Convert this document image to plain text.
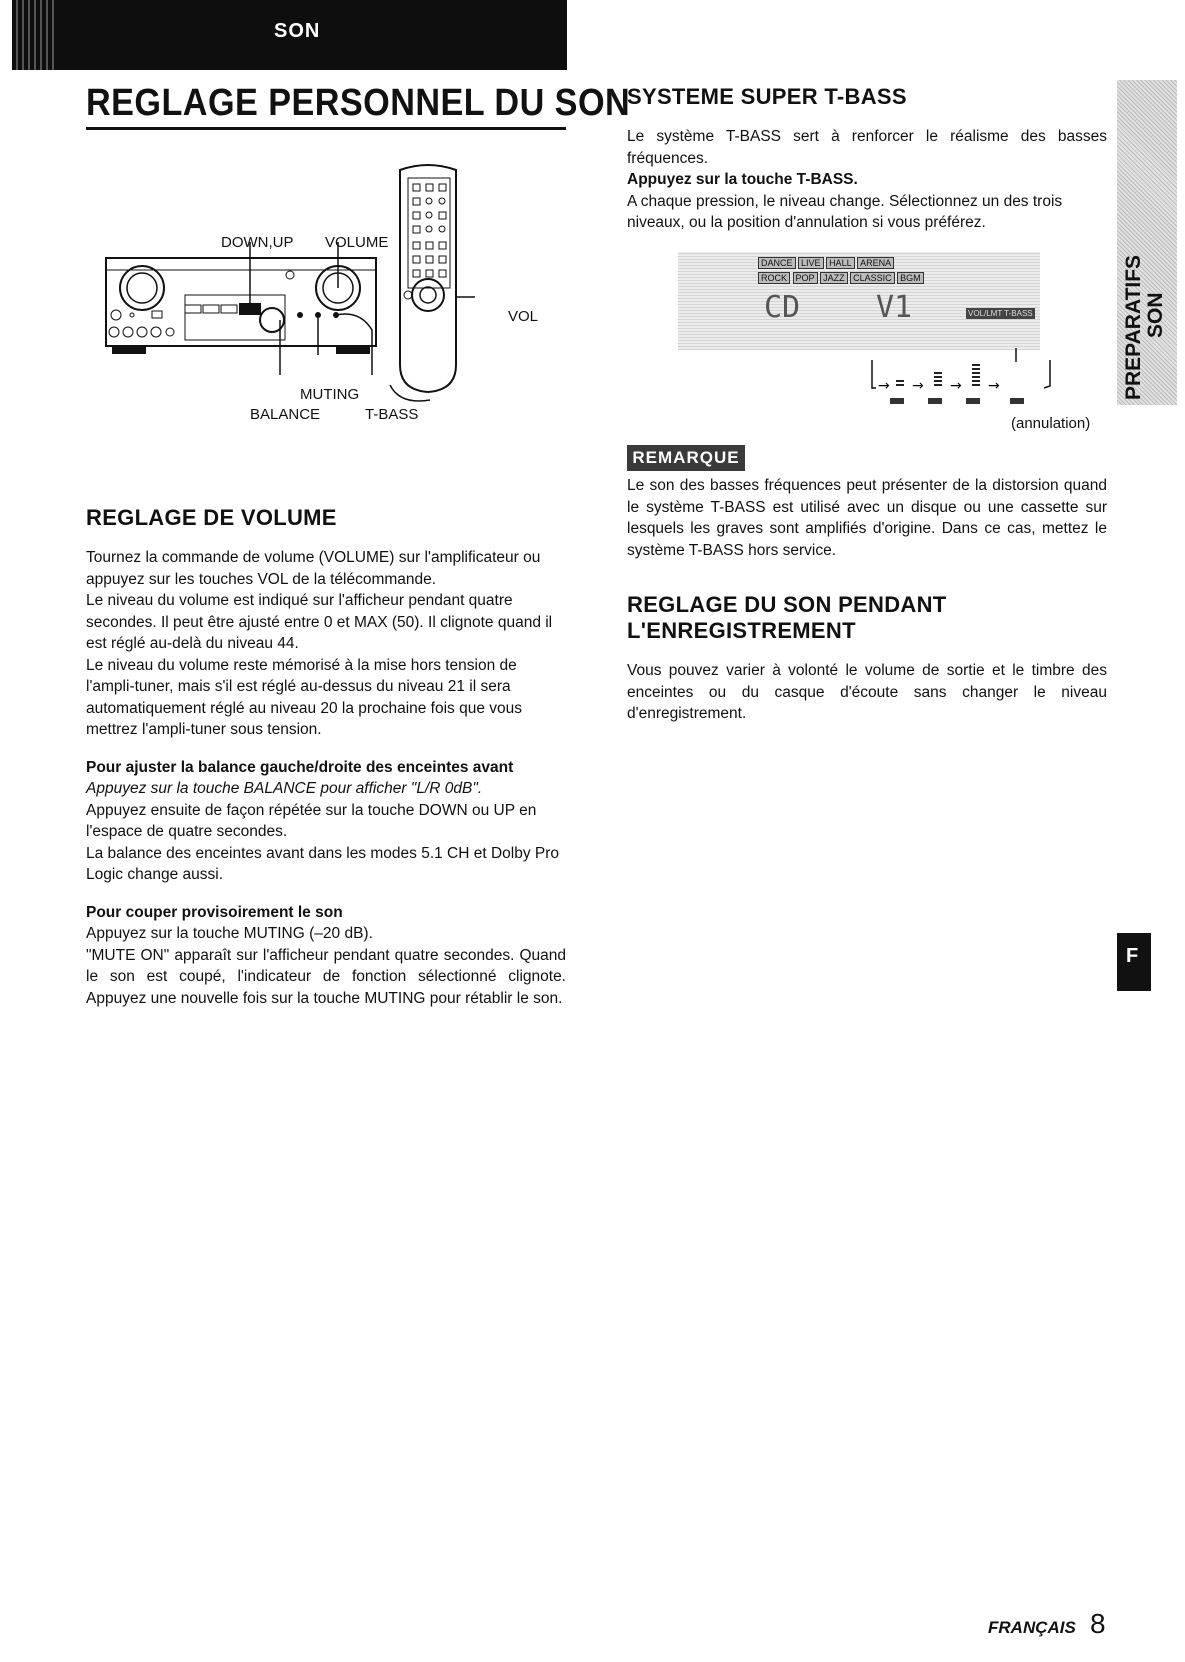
SON
REGLAGE PERSONNEL DU SON
DOWN,UP VOLUME
VOL
MUTING
BALANCE	T-BASS
REGLAGE DE VOLUME

Tournez la commande de volume (VOLUME) sur l'amplificateur ou appuyez sur les touches VOL de la télécommande.

Le niveau du volume est indiqué sur l'afficheur pendant quatre secondes. Il peut être ajusté entre 0 et MAX (50). Il clignote quand il est réglé au-delà du niveau 44.

Le niveau du volume reste mémorisé à la mise hors tension de l'ampli-tuner, mais s'il est réglé au-dessus du niveau 21 il sera automatiquement réglé au niveau 20 la prochaine fois que vous mettrez l'ampli-tuner sous tension.

Pour ajuster la balance gauche/droite des enceintes avant

Appuyez sur la touche BALANCE pour afficher "L/R 0dB".

Appuyez ensuite de façon répétée sur la touche DOWN ou UP en l'espace de quatre secondes.

La balance des enceintes avant dans les modes 5.1 CH et Dolby Pro Logic change aussi.

Pour couper provisoirement le son

Appuyez sur la touche MUTING (–20 dB).

"MUTE ON" apparaît sur l'afficheur pendant quatre secondes. Quand le son est coupé, l'indicateur de fonction sélectionné clignote. Appuyez une nouvelle fois sur la touche MUTING pour rétablir le son.

SYSTEME SUPER T-BASS

Le système T-BASS sert à renforcer le réalisme des basses fréquences.

Appuyez sur la touche T-BASS.

A chaque pression, le niveau change. Sélectionnez un des trois niveaux, ou la position d'annulation si vous préférez.

DANCE LIVE HALL ARENA
ROCK POP JAZZ CLASSIC BGM
CD	V1	VOL/LMT T-BASS
→ → → →
(annulation)
REMARQUE

Le son des basses fréquences peut présenter de la distorsion quand le système T-BASS est utilisé avec un disque ou une cassette sur lesquels les graves sont amplifiés d'origine. Dans ce cas, mettez le système T-BASS hors service.

REGLAGE DU SON PENDANT
L'ENREGISTREMENT

Vous pouvez varier à volonté le volume de sortie et le timbre des enceintes ou du casque d'écoute sans changer le niveau d'enregistrement.

PREPARATIFS SON
F
FRANÇAIS 8
